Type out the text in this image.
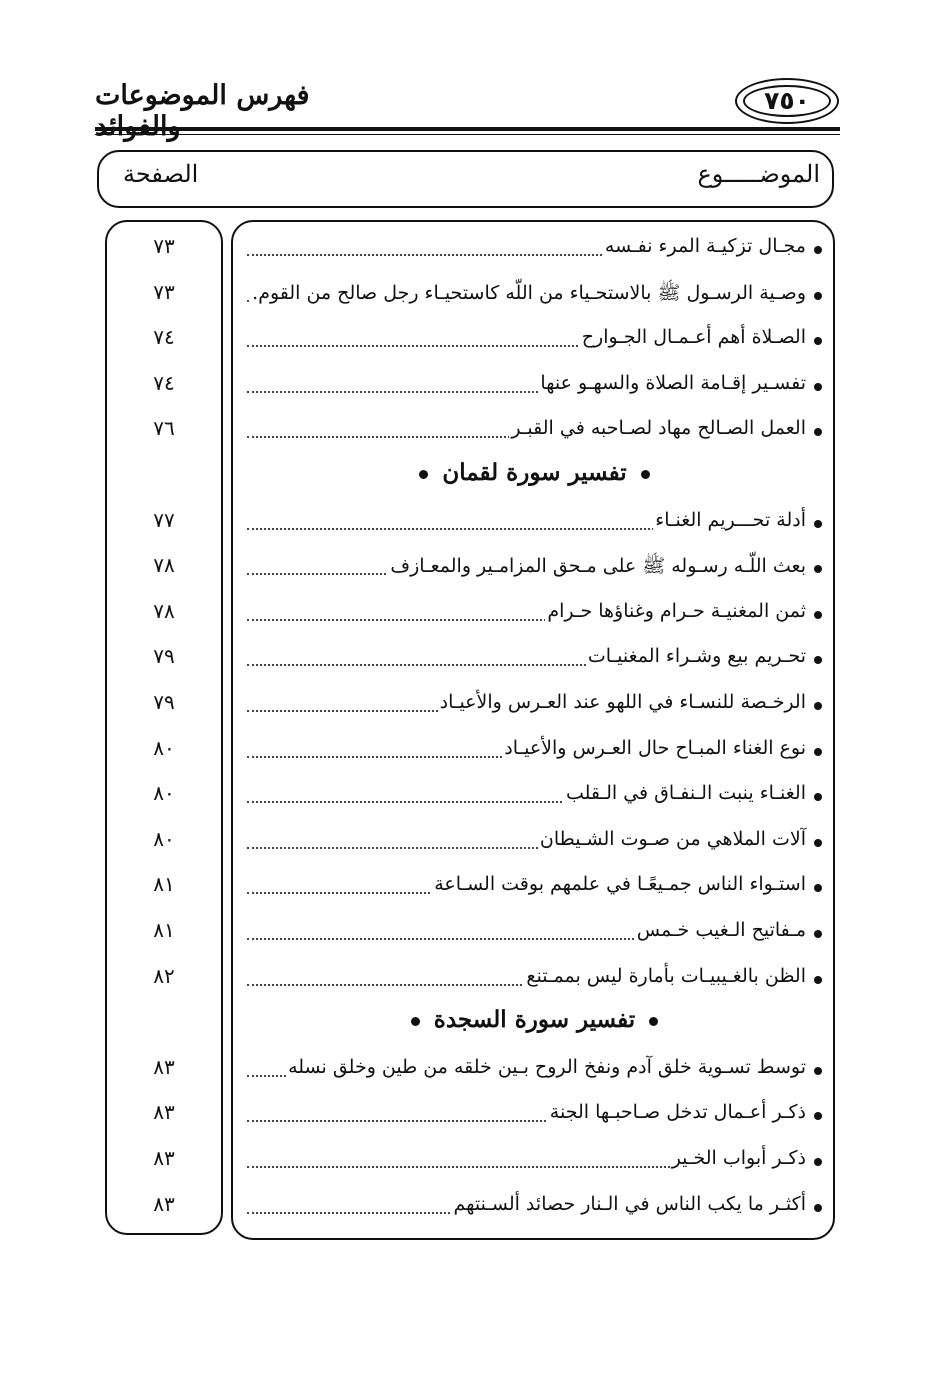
٧٥٠
فهرس الموضوعات
الموضـــــوع
الصفحة
مجـال تزكيـة المرء نفـسه
٧٣
وصـية الرسـول ﷺ بالاستحـياء من اللّه كاستحيـاء رجل صالح من القوم.
٧٣
الصـلاة أهم أعـمـال الجـوارح
٧٤
تفسـير إقـامة الصلاة والسهـو عنها
٧٤
العمل الصـالح مهاد لصـاحبه في القبـر
٧٦
تفسير سورة لقمان
أدلة تحـــريم الغنـاء
٧٧
بعث اللّـه رسـوله ﷺ على مـحق المزامـير والمعـازف
٧٨
ثمن المغنيـة حـرام وغناؤها حـرام
٧٨
تحـريم بيع وشـراء المغنيـات
٧٩
الرخـصة للنسـاء في اللهو عند العـرس والأعيـاد
٧٩
نوع الغناء المبـاح حال العـرس والأعيـاد
٨٠
الغنـاء ينبت الـنفـاق في الـقلب
٨٠
آلات الملاهي من صـوت الشـيطان
٨٠
استـواء الناس جمـيعًـا في علمهم بوقت السـاعة
٨١
مـفاتيح الـغيب خـمس
٨١
الظن بالغـيبيـات بأمارة ليس بممـتنع
٨٢
تفسير سورة السجدة
توسط تسـوية خلق آدم ونفخ الروح بـين خلقه من طين وخلق نسله
٨٣
ذكـر أعـمال تدخل صـاحبـها الجنة
٨٣
ذكـر أبواب الخـير
٨٣
أكثـر ما يكب الناس في الـنار حصائد ألسـنتهم
٨٣
